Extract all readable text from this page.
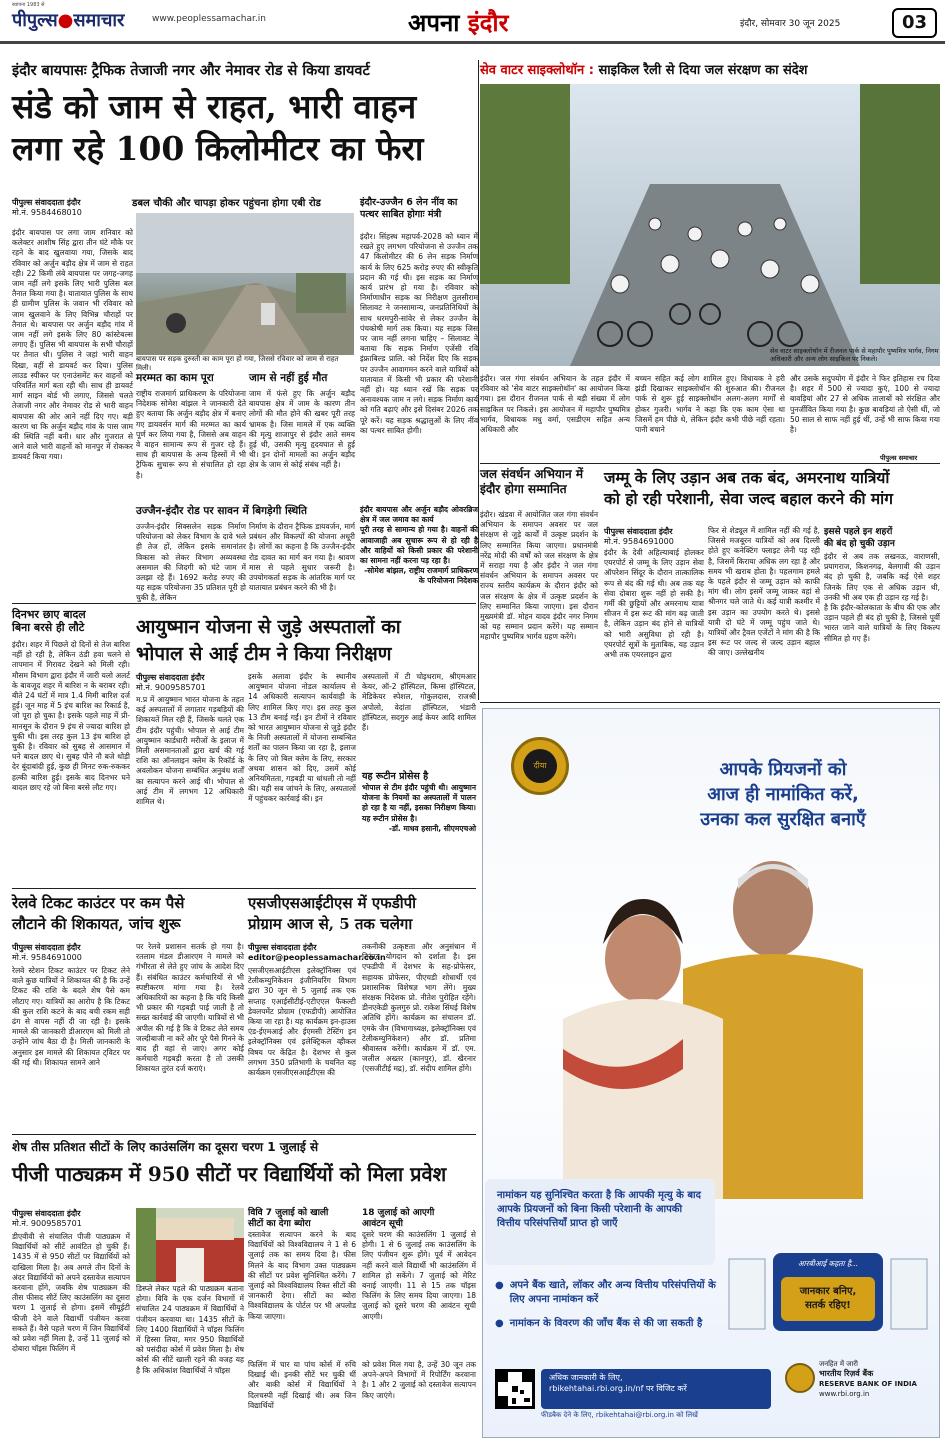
स्थापना 1983 से
पीपुल्स●समाचार	www.peoplessamachar.in	अपना इंदौर	इंदौर, सोमवार 30 जून 2025	03
इंदौर बायपासः ट्रैफिक तेजाजी नगर और नेमावर रोड से किया डायवर्ट
संडे को जाम से राहत, भारी वाहन
लगा रहे 100 किलोमीटर का फेरा
पीपुल्स संवाददाता इंदौर
मो.नं. 9584468010
डबल चौकी और चापड़ा होकर पहुंचना होगा एबी रोड
इंदौर बायपास पर लगा जाम शनिवार को कलेक्टर आशीष सिंह द्वारा तीन घंटे मौके पर रहने के बाद खुलवाया गया, जिसके बाद रविवार को अर्जुन बड़ौद क्षेत्र में जाम से राहत रही। 22 किमी लंबे बायपास पर जगह-जगह जाम नहीं लगे इसके लिए भारी पुलिस बल तैनात किया गया है। यातायात पुलिस के साथ ही ग्रामीण पुलिस के जवान भी रविवार को जाम खुलवाने के लिए विभिन्न चौराहों पर तैनात थे। बायपास पर अर्जुन बड़ौद गांव में जाम नहीं लगे इसके लिए 80 कांस्टेबल्स लगाए हैं। पुलिस भी बायपास के सभी चौराहों पर तैनात थी। पुलिस ने जहां भारी वाहन दिखा, वहीं से डायवर्ट कर दिया। पुलिस लाउड स्पीकर पर एनाउंसमेंट कर वाहनों को परिवर्तित मार्ग बता रही थी। साथ ही डायवर्ट मार्ग साइन बोर्ड भी लगाए, जिससे चलते तेजाजी नगर और नेमावर रोड से भारी वाहन बायपास की ओर आने नहीं दिए गए। बड़ी कारण था कि अर्जुन बड़ौद गांव के पास जाम की स्थिति नहीं बनी। धार और गुजरात से आने वाले भारी वाहनों को मानपुर में रोककर डायवर्ट किया गया।
बायपास पर सड़क दुरुस्ती का काम पूरा हो गया, जिससे रविवार को जाम से राहत मिली।
मरम्मत का काम पूरा
राष्ट्रीय राजमार्ग प्राधिकरण के परियोजना निदेशक सोमेश बांझल ने जानकारी देते हुए बताया कि अर्जुन बड़ौद क्षेत्र में बनाए गए डायवर्सन मार्ग की मरम्मत का कार्य पूर्ण कर लिया गया है, जिससे अब वाहन वे वाहन सामान्य रूप से गुजर रहे हैं। साथ ही बायपास के अन्य हिस्सों में भी ट्रैफिक सुचारू रूप से संचालित हो रहा है।
जाम से नहीं हुई मौत
जाम में फंसे हुए कि अर्जुन बड़ौद बायपास क्षेत्र में जाम के कारण तीन लोगों की मौत होने की खबर पूरी तरह भ्रामक है। जिस मामले में एक व्यक्ति की मृत्यु शाजापुर से इंदौर आते समय हुई थी, उसकी मृत्यु हृदयघात से हुई थी। इन दोनों मामलों का अर्जुन बड़ौद क्षेत्र के जाम से कोई संबंध नहीं है।
उज्जैन-इंदौर रोड पर सावन में बिगड़ेगी स्थिति
उज्जैन-इंदौर सिक्सलेन सड़क निर्माण परियोजना को लेकर विभाग के दावे भले ही तेज हों, लेकिन इसके समानांतर विकास को लेकर विभाग अव्यवस्था असमाल की जिदगी को घंटे जाम में उलझा रहे हैं। 1692 करोड़ रुपए की यह सड़क परियोजना 35 प्रतिशत पूरी हो चुकी है, लेकिन
निर्माण के दौरान ट्रैफिक डायवर्जन, मार्ग प्रबंधन और विकल्पों की योजना अधूरी है। लोगों का कहना है कि उज्जैन-इंदौर रोड दावत का मार्ग बन गया है। श्रावण मास से पहले सुधार जरूरी है। उपयोगकर्ता सड़क के आंतरिक मार्ग पर यातायात प्रबंधन करने की भी है।
इंदौर-उज्जैन 6 लेन नींव का पत्थर साबित होगाः मंत्री
इंदौर। सिंहस्थ महापर्व-2028 को ध्यान में रखते हुए लगभग परियोजना से उज्जैन तक 47 किलोमीटर की 6 लेन सड़क निर्माण कार्य के लिए 625 करोड़ रुपए की स्वीकृति प्रदान की गई थी। इस सड़क का निर्माण कार्य प्रारंभ हो गया है। रविवार को निर्माणाधीन सड़क का निरीक्षण तुलसीराम सिलावट ने जनसामान्य, जनप्रतिनिधियों के साथ धरमपुरी-सांवेर से लेकर उज्जैन के पंचकोषी मार्ग तक किया। यह सड़क जिस पर जाम नहीं लगना चाहिए – सिलावट ने बताया कि सड़क निर्माण एजेंसी रवि इंफ्राबिल्ड प्रालि. को निर्देश दिए कि सड़क पर उज्जैन आवागमन करने वाले यात्रियों को यातायात में किसी भी प्रकार की परेशानी नहीं हो। यह ध्यान रखें कि सड़क पर अनावश्यक जाम न लगे। सड़क निर्माण कार्य को गति बढ़ाएं और इसे दिसंबर 2026 तक पूरे करें। यह सड़क श्रद्धालुओं के लिए नींव का पत्थर साबित होगी।
इंदौर बायपास और अर्जुन बड़ौद ओवरब्रिज क्षेत्र में जल जमाव का कार्य
पूरी तरह से सामान्य हो गया है। वाहनों की आवाजाही अब सुचारू रूप से हो रही है और वाहियों को किसी प्रकार की परेशानी का सामना नहीं करना पड़ रहा है।
-सोमेश बांझल, राष्ट्रीय राजमार्ग प्राधिकरण के परियोजना निदेशक
सेव वाटर साइक्लोथॉन : साइकिल रैली से दिया जल संरक्षण का संदेश
सेव वाटर साइक्लोथॉन में रीजनल पार्क से महापौर पुष्यमित्र भार्गव, निगम अधिकारी और अन्य लोग साइकिल पर निकले।
इंदौर। जल गंगा संवर्धन अभियान के तहत इंदौर में रविवार को 'सेव वाटर साइक्लोथॉन' का आयोजन किया गया। इस दौरान रीजनल पार्क से बड़ी संख्या में लोग साइकिल पर निकले। इस आयोजन में महापौर पुष्यमित्र भार्गव, विधायक मधु वर्मा, एसडीएम सहित अन्य अधिकारी और
बच्चन सहित कई लोग शामिल हुए। विधायक ने हरी झंडी दिखाकर साइक्लोथॉन की शुरुआत की। रीजनल पार्क से शुरू हुई साइक्लोथॉन अलग-अलग मार्गों से होकर गुजरी। भार्गव ने कहा कि एक काम ऐसा था जिसमें हम पीछे थे, लेकिन इंदौर कभी पीछे नहीं रहता। पानी बचाने
और उसके सदुपयोग में इंदौर ने फिर इतिहास रच दिया है। शहर में 500 से ज्यादा कुएं, 100 से ज्यादा बावड़ियां और 27 से अधिक तालाबों को संरक्षित और पुनर्जीवित किया गया है। कुछ बावड़ियां तो ऐसी थीं, जो 50 साल से साफ नहीं हुई थीं, उन्हें भी साफ किया गया है।
पीपुल्स समाचार
जल संवर्धन अभियान में इंदौर होगा सम्मानित
इंदौर। खंडवा में आयोजित जल गंगा संवर्धन अभियान के समापन अवसर पर जल संरक्षण से जुड़े कार्यों में उत्कृष्ट प्रदर्शन के लिए सम्मानित किया जाएगा। प्रधानमंत्री नरेंद्र मोदी की वर्षों को जल संरक्षण के क्षेत्र में सराहा गया है और इंदौर ने जल गंगा संवर्धन अभियान के समापन अवसर पर राज्य स्तरीय कार्यक्रम के दौरान इंदौर को जल संरक्षण के क्षेत्र में उत्कृष्ट प्रदर्शन के लिए सम्मानित किया जाएगा। इस दौरान मुख्यमंत्री डॉ. मोहन यादव इंदौर नगर निगम को यह सम्मान प्रदान करेंगे। यह सम्मान महापौर पुष्यमित्र भार्गव ग्रहण करेंगे।
जम्मू के लिए उड़ान अब तक बंद, अमरनाथ यात्रियों
को हो रही परेशानी, सेवा जल्द बहाल करने की मांग
पीपुल्स संवाददाता इंदौर
मो.नं. 9584691000
इंदौर के देवी अहिल्याबाई होलकर एयरपोर्ट से जम्मू के लिए उड़ान सेवा ऑपरेशन सिंदूर के दौरान तात्कालिक रूप से बंद की गई थी। अब तक यह सेवा दोबारा शुरू नहीं हो सकी है। गर्मी की छुट्टियों और अमरनाथ यात्रा सीजन में इस रूट की मांग बढ़ जाती है, लेकिन उड़ान बंद होने से यात्रियों को भारी असुविधा हो रही है। एयरपोर्ट सूत्रों के मुताबिक, यह उड़ान अभी तक एयरलाइन द्वारा
फिर से शेड्यूल में शामिल नहीं की गई है, जिससे मजबूरन यात्रियों को अब दिल्ली होते हुए कनेक्टिंग फ्लाइट लेनी पड़ रही है, जिसमें किराया अधिक लग रहा है और समय भी खराब होता है। पहलगाम हमले के पहले इंदौर से जम्मू उड़ान को काफी मांग थी। लोग इसमें जम्मू जाकर वहां से श्रीनगर चले जाते थे। कई यात्री कश्मीर में इस उड़ान का उपयोग करते थे। इससे यात्री दो घंटे में जम्मू पहुंच जाते थे। यात्रियों और ट्रैवल एजेंटों ने मांग की है कि इस रूट पर जल्द से जल्द उड़ान बहाल की जाए। उल्लेखनीय
इससे पहले इन शहरों
की बंद हो चुकी उड़ान
इंदौर से अब तक लखनऊ, वाराणसी, प्रयागराज, किशनगढ़, बेलगावी की उड़ान बंद हो चुकी है, जबकि कई ऐसे शहर जिनके लिए एक से अधिक उड़ान थी, उनकी भी अब एक ही उड़ान रह गई है।
है कि इंदौर-कोलकाता के बीच की एक और उड़ान पहले ही बंद हो चुकी है, जिससे पूर्वी भारत जाने वाले यात्रियों के लिए विकल्प सीमित हो गए हैं।
दिनभर छाए बादल
बिना बरसे ही लौटे
इंदौर। शहर में पिछले दो दिनों से तेज बारिश नहीं हो रही है, लेकिन ठंडी हवा चलने से तापमान में गिरावट देखने को मिली रही। मौसम विभाग द्वारा इंदौर में जारी यलो अलर्ट के बावजूद शहर में बारिश न के बराबर रही। बीते 24 घंटों में मात्र 1.4 मिमी बारिश दर्ज हुई। जून माह में 5 इंच बारिश का रिकार्ड है, जो पूरा हो चुका है। इसके पहले माह में प्री-मानसून के दौरान 9 इंच से ज्यादा बारिश हो चुकी थी। इस तरह कुल 13 इंच बारिश हो चुकी है। रविवार को सुबह से आसमान में घने बादल छाए थे। सुबह पौने नौ बजे थोड़ी देर बूंदाबांदी हुई, कुछ ही मिनट रुक-रुककर हल्की बारिश हुई। इसके बाद दिनभर घने बादल छाए रहे जो बिना बरसे लौट गए।
आयुष्मान योजना से जुड़े अस्पतालों का
भोपाल से आई टीम ने किया निरीक्षण
पीपुल्स संवाददाता इंदौर
मो.नं. 9009585701
म.प्र में आयुष्मान भारत योजना के तहत कई अस्पतालों में लगातार गड़बड़ियों की शिकायतें मिल रही हैं, जिसके चलते एक टीम इंदौर पहुंची। भोपाल से आई टीम आयुष्मान कार्डधारी मरीजों के इलाज में मिली असमानताओं द्वारा खर्च की गई राशि का ऑनलाइन क्लेम के रिकॉर्ड के अवलोकन योजना सम्बंधित अनुबंध शर्तों का सत्यापन करने आई थी। भोपाल से आई टीम में लगभग 12 अधिकारी शामिल थे।
इसके अलावा इंदौर के स्थानीय आयुष्मान योजना नोडल कार्यालय से 14 अधिकारी सत्यापन कार्यवाही के लिए शामिल किए गए। इस तरह कुल 13 टीम बनाई गईं। इन टीमों ने रविवार को भारत आयुष्मान योजना से जुड़े इंदौर के निजी अस्पतालों में योजना सम्बन्धित शर्तों का पालन किया जा रहा है, इलाज के लिए जो बिल क्लेम के लिए, सरकार अथवा शासन को दिए, उसमें कोई अनियमितता, गड़बड़ी या धांधली तो नहीं की। यही सब जांचने के लिए, अस्पतालों में पहुंचकर कार्रवाई की। इन
अस्पतालों में टी चोइथराम, श्रीएमआर केयर, ऑ-2 हॉस्पिटल, किम्स हॉस्पिटल, मेडिकेयर स्पेशल, गोकुलदास, राजश्री अपोलो, वेदांता हॉस्पिटल, भंडारी हॉस्पिटल, सदगुरु आई केयर आदि शामिल हैं।
यह रूटीन प्रोसेस है
भोपाल से टीम इंदौर पहुंची थी। आयुष्मान योजना के नियमों का अस्पतालों में पालन हो रहा है या नहीं, इसका निरीक्षण किया। यह रूटीन प्रोसेस है।
-डॉ. माधव हसानी, सीएमएचओ
रेलवे टिकट काउंटर पर कम पैसे
लौटाने की शिकायत, जांच शुरू
पीपुल्स संवाददाता इंदौर
मो.नं. 9584691000
रेलवे स्टेशन टिकट काउंटर पर टिकट लेने वाले कुछ यात्रियों ने शिकायत की है कि उन्हें टिकट की राशि के बदले शेष पैसे कम लौटाए गए। यात्रियों का आरोप है कि टिकट की कुल राशि कटने के बाद बची रकम सही ढंग से वापस नहीं दी जा रही है। इसके मामले की जानकारी डीआरएम को मिली तो उन्होंने जांच बैठा दी है। मिली जानकारी के अनुसार इस मामले की शिकायत ट्विटर पर की गई थी। शिकायत सामने आने
पर रेलवे प्रशासन सतर्क हो गया है। रतलाम मंडल डीआरएम ने मामले को गंभीरता से लेते हुए जांच के आदेश दिए हैं। संबंधित काउंटर कर्मचारियों से भी स्पष्टीकरण मांगा गया है। रेलवे अधिकारियों का कहना है कि यदि किसी भी प्रकार की गड़बड़ी पाई जाती है तो सख्त कार्रवाई की जाएगी। यात्रियों से भी अपील की गई है कि वे टिकट लेते समय जल्दीबाजी ना करें और पूरे पैसे गिनने के बाद ही वहां से जाएं। अगर कोई कर्मचारी गड़बड़ी करता है तो उसकी शिकायत तुरंत दर्ज कराएं।
एसजीएसआईटीएस में एफडीपी
प्रोग्राम आज से, 5 तक चलेगा
पीपुल्स संवाददाता इंदौर
editor@peoplessamachar.co.in
एसजीएसआईटीएस इलेक्ट्रॉनिक्स एवं टेलीकम्युनिकेशन इंजीनियरिंग विभाग द्वारा 30 जून से 5 जुलाई तक एक सप्ताह एआईसीटीई-एटीएएल फैकल्टी डेवलपमेंट प्रोग्राम (एफडीपी) आयोजित किया जा रहा है। यह कार्यक्रम इन-हाउस एंड-ईएमआई और ईएमसी टेस्टिंग इन इलेक्ट्रॉनिक्स एवं इलेक्ट्रिकल व्हीकल विषय पर केंद्रित है। देशभर से कुल लगभग 350 प्रतिभागी के चयनित यह कार्यक्रम एसजीएसआईटीएस की
तकनीकी उत्कृष्टता और अनुसंधान में निरंतर योगदान को दर्शाता है। इस एफडीपी में देशभर के सह-प्रोफेसर, सहायक प्रोफेसर, पीएचडी शोधार्थी एवं प्रशासनिक विशेषज्ञ भाग लेंगे। मुख्य संरक्षक निदेशक प्रो. नीतेश पुरोहित रहेंगे। डीनएकेडी कुलगुरु प्रो. राकेश सिंघई विशेष अतिथि होंगे। कार्यक्रम का संचालन डॉ. एमके जैन (विभागाध्यक्ष, इलेक्ट्रॉनिक्स एवं टेलीकम्युनिकेशन) और डॉ. प्रतिमा श्रीवास्तव करेंगी। कार्यक्रम में डॉ. एम. जलील अख्तर (कानपुर), डॉ. खैरनार (एसजीटीई मद्र), डॉ. संदीप शामिल होंगे।
शेष तीस प्रतिशत सीटों के लिए काउंसलिंग का दूसरा चरण 1 जुलाई से
पीजी पाठ्यक्रम में 950 सीटों पर विद्यार्थियों को मिला प्रवेश
पीपुल्स संवाददाता इंदौर
मो.नं. 9009585701
डीएवीवी से संचालित पीजी पाठ्यक्रम में विद्यार्थियों को सीटें आवंटित हो चुकी हैं। 1435 में से 950 सीटों पर विद्यार्थियों को दाखिला मिला है। अब अगले तीन दिनों के अंदर विद्यार्थियों को अपने दस्तावेज सत्यापन करवाना होंगे, जबकि शेष पाठ्यक्रम की तीस फीसद सीटें लिए काउंसलिंग का दूसरा चरण 1 जुलाई से होगा। इसमें सीयूईटी फीजी देने वाले विद्यार्थी पंजीयन करवा सकते हैं। वैसे पहले चरण में जिन विद्यार्थियों को प्रवेश नहीं मिला है, उन्हें 11 जुलाई को दोबारा चॉइस फिलिंग में
डिस्प्ले लेकर पहले की पाठ्यक्रम बताना होगा। विवि के एक दर्जन विभागों में संचालित 24 पाठ्यक्रम में विद्यार्थियों ने पंजीयन करवाया था। 1435 सीटों के लिए 1400 विद्यार्थियों ने चॉइस फिलिंग में हिस्सा लिया, मगर 950 विद्यार्थियों को पसंदीदा कोर्स में प्रवेश मिला है। शेष कोर्स की सीटें खाली रहने की वजह यह है कि अधिकांश विद्यार्थियों ने चॉइस
विवि 7 जुलाई को खाली
सीटों का देगा ब्योरा
दस्तावेज सत्यापन करने के बाद विद्यार्थियों को विश्वविद्यालय ने 1 से 6 जुलाई तक का समय दिया है। फीस मिलने के बाद विभाग उक्त पाठ्यक्रम की सीटों पर प्रवेश सुनिश्चित करेंगे। 7 जुलाई को विश्वविद्यालय रिक्त सीटों की जानकारी देगा। सीटों का ब्योरा विश्वविद्यालय के पोर्टल पर भी अपलोड किया जाएगा।
फिलिंग में चार या पांच कोर्स में रुचि दिखाई थी। इनकी सीटें भर चुकी थीं और बाकी कोर्स में विद्यार्थियों ने दिलचस्पी नहीं दिखाई थी। अब जिन विद्यार्थियों
18 जुलाई को आएगी
आवंटन सूची
दूसरे चरण की काउंसलिंग 1 जुलाई से होगी। 1 से 6 जुलाई तक काउंसलिंग के लिए पंजीयन शुरू होंगे। पूर्व में आवेदन नहीं करने वाले विद्यार्थी भी काउंसलिंग में शामिल हो सकेंगे। 7 जुलाई को मेरिट बनाई जाएगी। 11 से 15 तक चॉइस फिलिंग के लिए समय दिया जाएगा। 18 जुलाई को दूसरे चरण की आवंटन सूची आएगी।
को प्रवेश मिल गया है, उन्हें 30 जून तक अपने-अपने विभागों में रिपोर्टिंग करवाना है। 1 और 2 जुलाई को दस्तावेज सत्यापन किए जाएंगे।
दीया	आपके प्रियजनों को
आज ही नामांकित करें,
उनका कल सुरक्षित बनाएँ
नामांकन यह सुनिश्चित करता है कि आपकी मृत्यु के बाद आपके प्रियजनों को बिना किसी परेशानी के आपकी वित्तीय परिसंपत्तियाँ प्राप्त हो जाएँ
● अपने बैंक खाते, लॉकर और अन्य वित्तीय परिसंपत्तियों के लिए अपना नामांकन करें
● नामांकन के विवरण की जाँच बैंक से की जा सकती है
आरबीआई कहता है...
जानकार बनिए,
सतर्क रहिए!
अधिक जानकारी के लिए,
rbikehtahai.rbi.org.in/nf पर विजिट करें
फीडबैक देने के लिए, rbikehtahai@rbi.org.in को लिखें
जनहित में जारी
भारतीय रिज़र्व बैंक
RESERVE BANK OF INDIA
www.rbi.org.in
